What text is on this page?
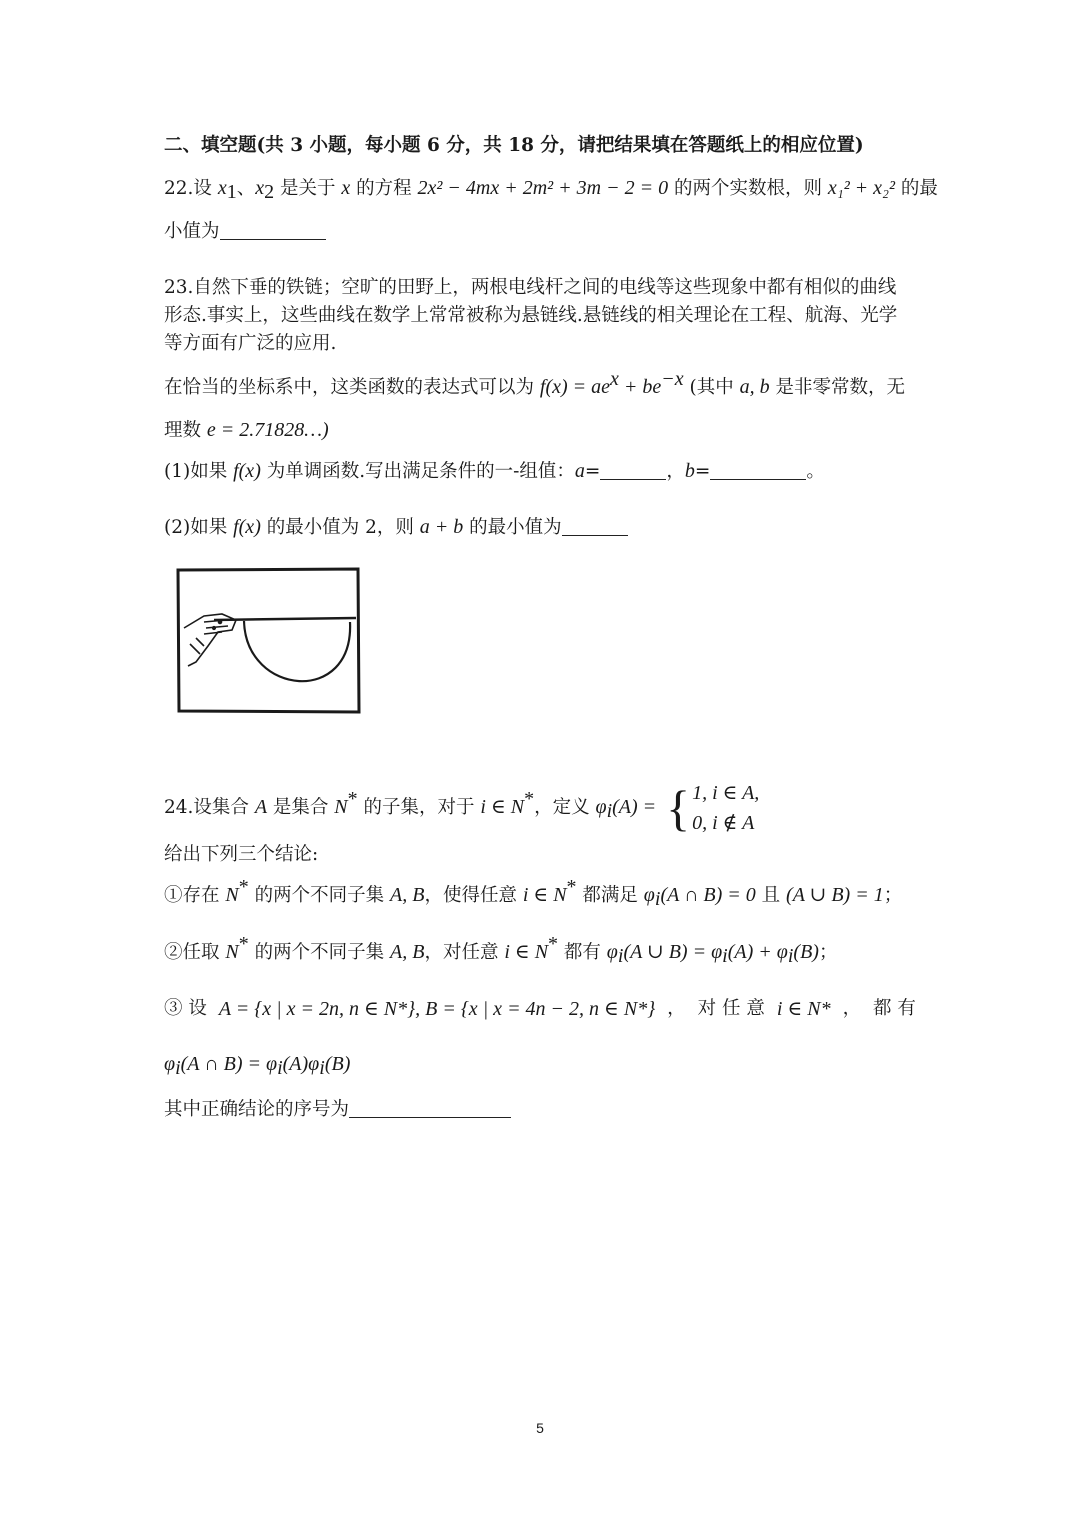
二、填空题(共 3 小题，每小题 6 分，共 18 分，请把结果填在答题纸上的相应位置)
22.设 $x_1$、$x_2$ 是关于 x 的方程 2x² − 4mx + 2m² + 3m − 2 = 0 的两个实数根，则 x₁² + x₂² 的最
小值为
23.自然下垂的铁链；空旷的田野上，两根电线杆之间的电线等这些现象中都有相似的曲线
形态.事实上，这些曲线在数学上常常被称为悬链线.悬链线的相关理论在工程、航海、光学
等方面有广泛的应用.
在恰当的坐标系中，这类函数的表达式可以为 $f(x) = ae^x + be^{-x}$ (其中 a, b 是非零常数，无
理数 e = 2.71828…)
(1)如果 f(x) 为单调函数.写出满足条件的一-组值：a=	，b=	。
(2)如果 f(x) 的最小值为 2，则 a + b 的最小值为
24.设集合 A 是集合 N* 的子集，对于 i ∈ N*，定义 $\varphi_i(A)$ = { 1, i ∈ A,
0, i ∉ A
给出下列三个结论:
①存在 N* 的两个不同子集 A, B，使得任意 i ∈ N* 都满足 $\varphi_i(A$ ∩ B) = 0 且 (A ∪ B) = 1；
②任取 N* 的两个不同子集 A, B，对任意 i ∈ N* 都有 $\varphi_i(A$ ∪ $B) = \varphi_i(A) + \varphi_i(B)$；
③ 设 A = {x | x = 2n, n ∈ N*}, B = {x | x = 4n − 2, n ∈ N*} ， 对 任 意 i ∈ N* ， 都 有
$\varphi_i(A$ ∩ $B) = \varphi_i(A)\varphi_i(B)$
其中正确结论的序号为
5
